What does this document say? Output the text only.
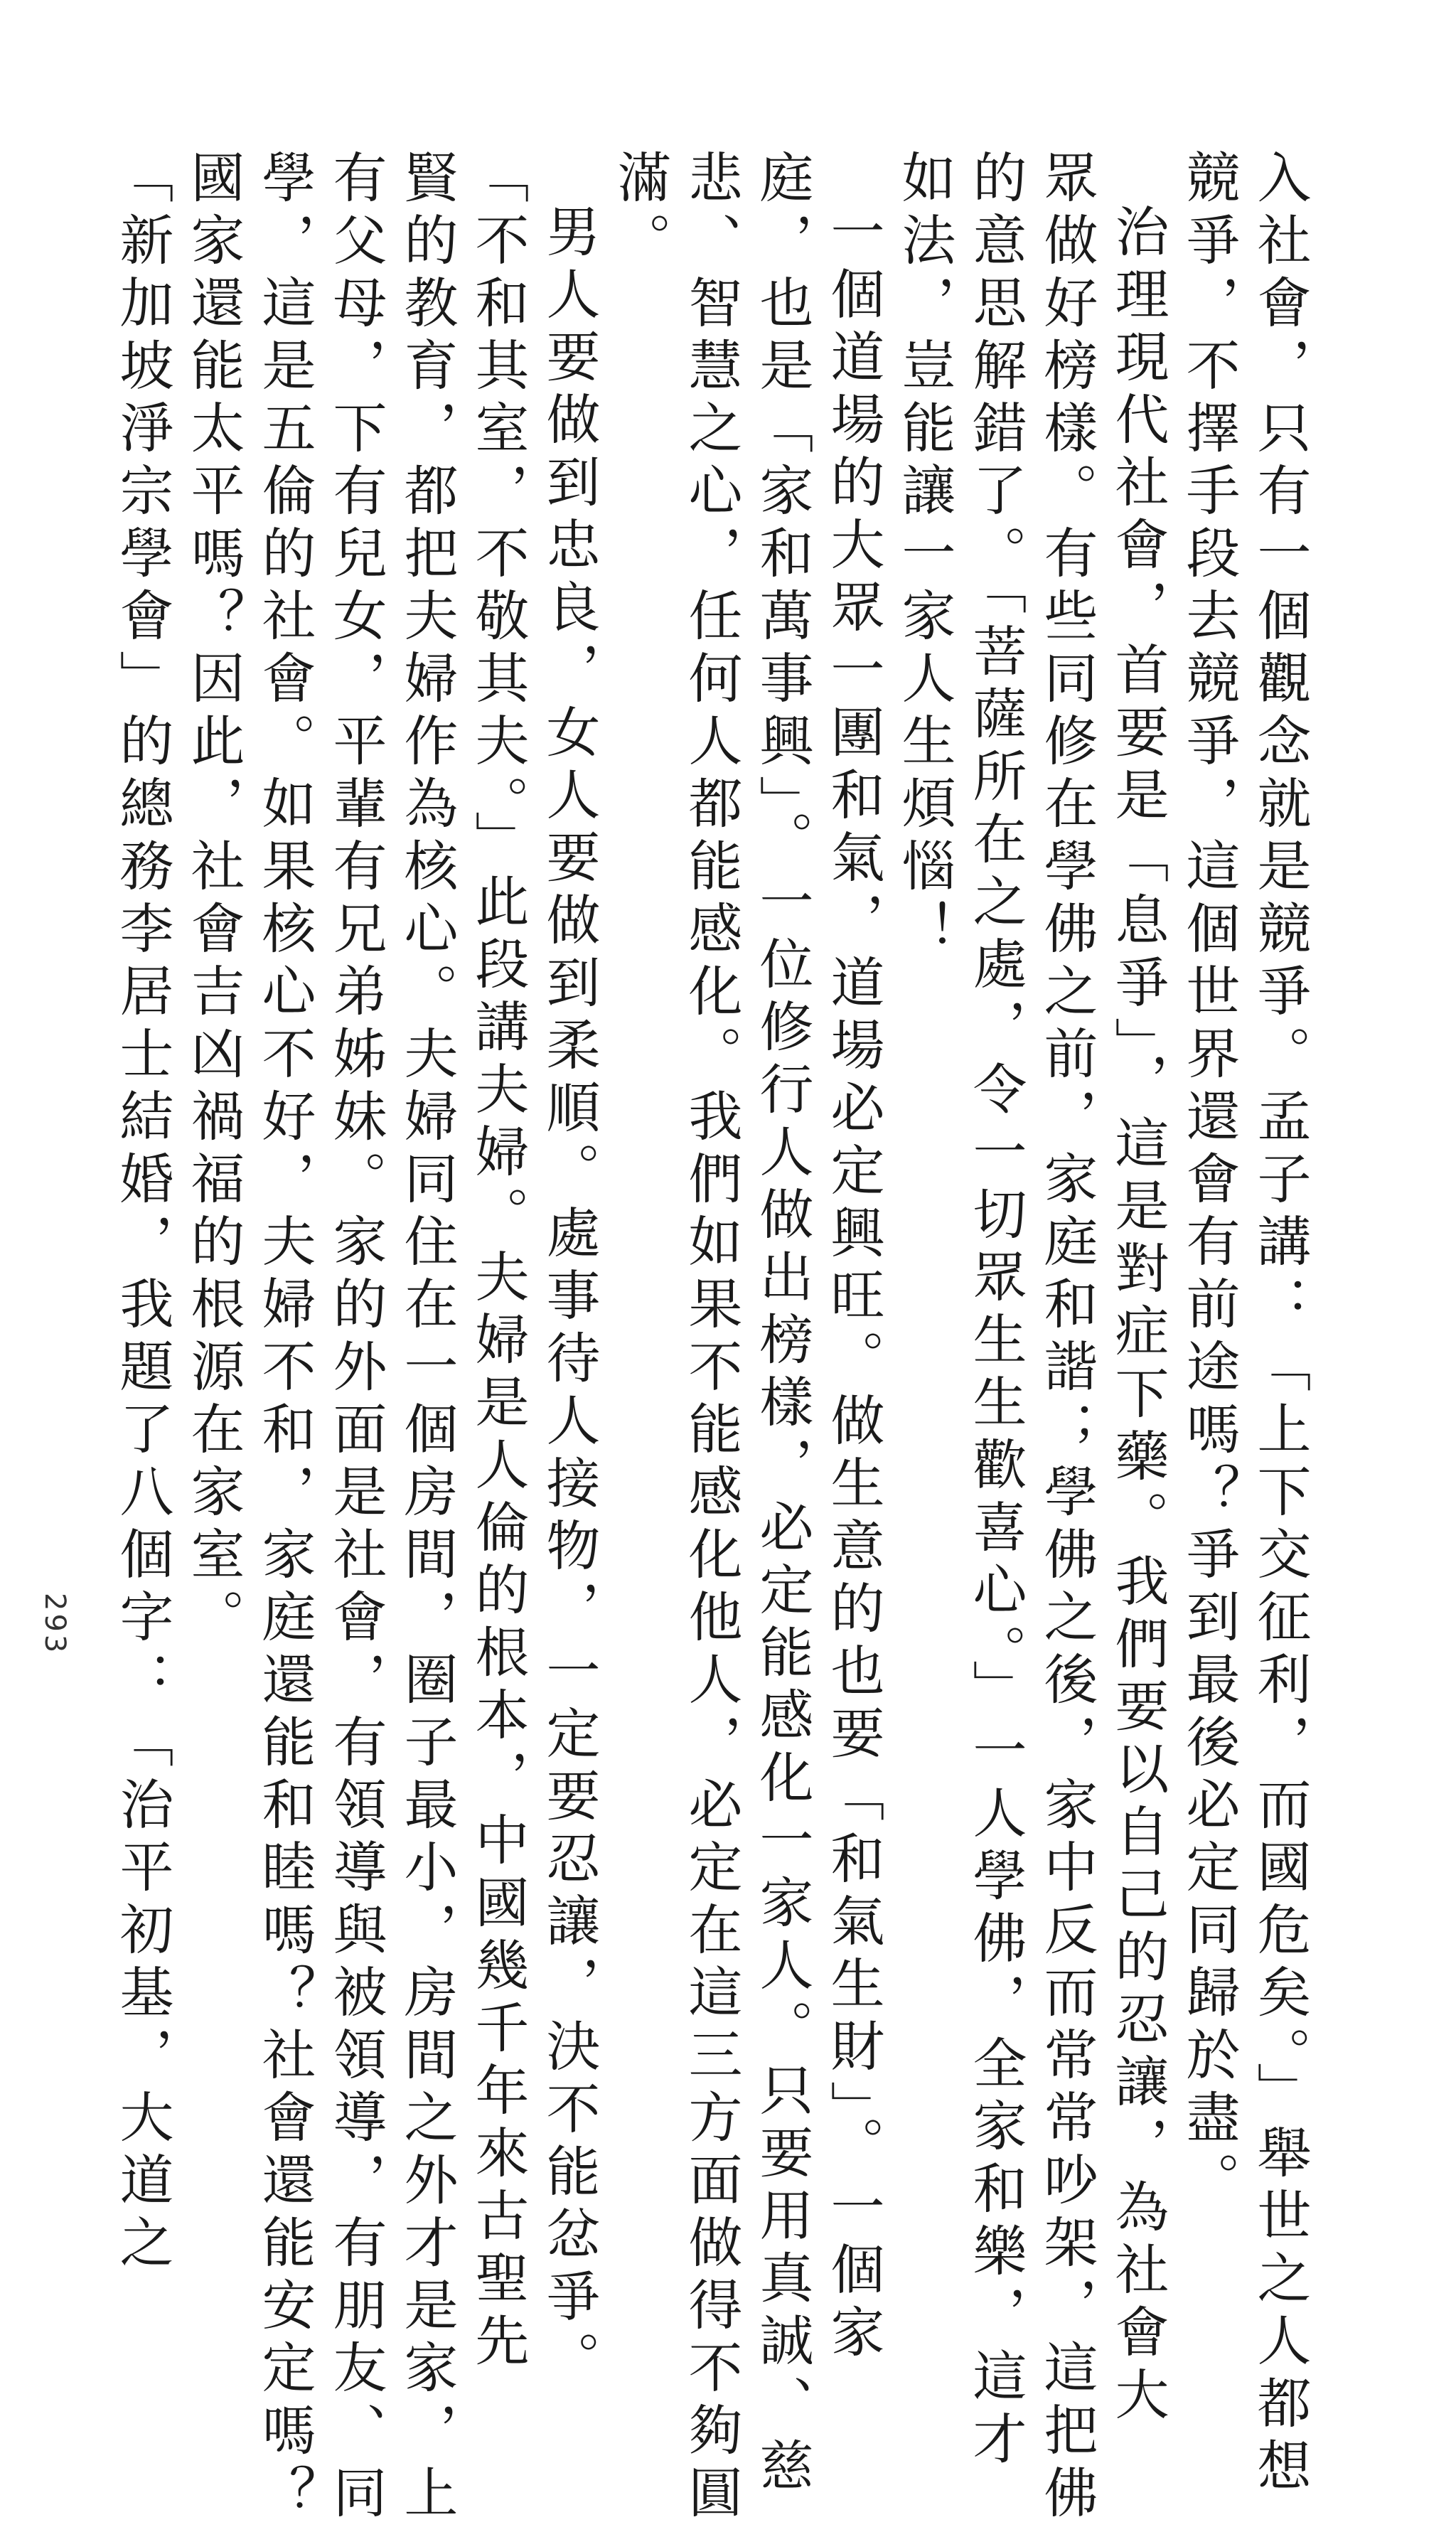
入社會，只有一個觀念就是競爭。孟子講：「上下交征利，而國危矣。」舉世之人都想

競爭，不擇手段去競爭，這個世界還會有前途嗎？爭到最後必定同歸於盡。

治理現代社會，首要是「息爭」，這是對症下藥。我們要以自己的忍讓，為社會大

眾做好榜樣。有些同修在學佛之前，家庭和諧；學佛之後，家中反而常常吵架，這把佛

的意思解錯了。「菩薩所在之處，令一切眾生生歡喜心。」一人學佛，全家和樂，這才

如法，豈能讓一家人生煩惱！

一個道場的大眾一團和氣，道場必定興旺。做生意的也要「和氣生財」。一個家

庭，也是「家和萬事興」。一位修行人做出榜樣，必定能感化一家人。只要用真誠、慈

悲、智慧之心，任何人都能感化。我們如果不能感化他人，必定在這三方面做得不夠圓

滿。

男人要做到忠良，女人要做到柔順。處事待人接物，一定要忍讓，決不能忿爭。

「不和其室，不敬其夫。」此段講夫婦。夫婦是人倫的根本，中國幾千年來古聖先

賢的教育，都把夫婦作為核心。夫婦同住在一個房間，圈子最小，房間之外才是家，上

有父母，下有兒女，平輩有兄弟姊妹。家的外面是社會，有領導與被領導，有朋友、同

學，這是五倫的社會。如果核心不好，夫婦不和，家庭還能和睦嗎？社會還能安定嗎？

國家還能太平嗎？因此，社會吉凶禍福的根源在家室。

「新加坡淨宗學會」的總務李居士結婚，我題了八個字：「治平初基，大道之

293
